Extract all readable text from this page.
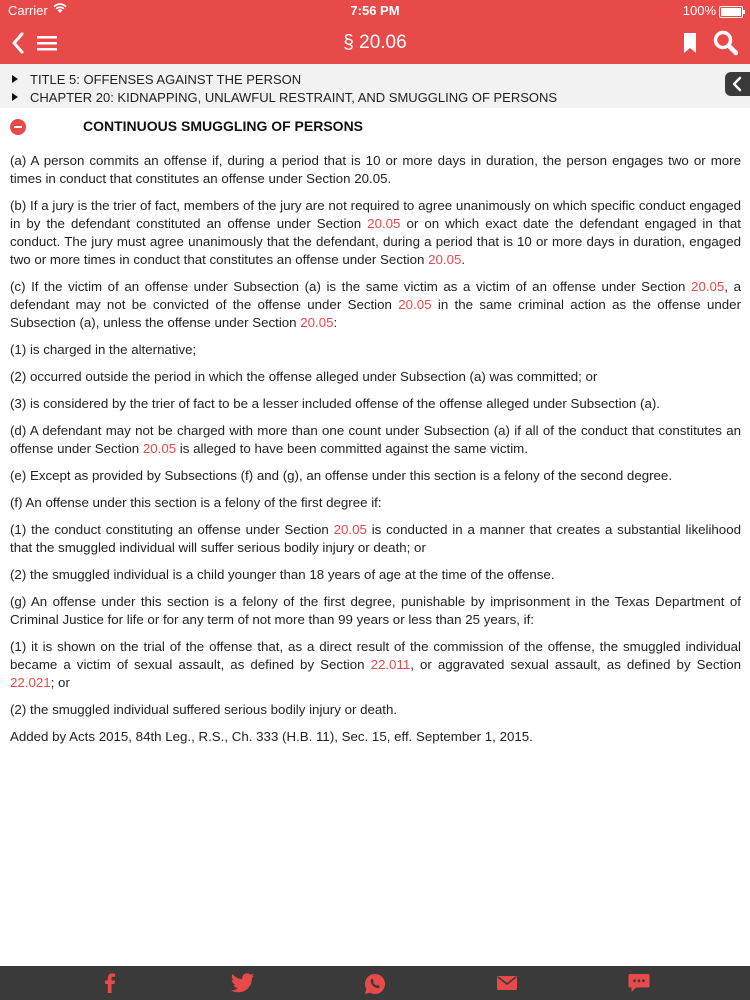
Carrier	7:56 PM	100%
§ 20.06
TITLE 5: OFFENSES AGAINST THE PERSON
CHAPTER 20: KIDNAPPING, UNLAWFUL RESTRAINT, AND SMUGGLING OF PERSONS
CONTINUOUS SMUGGLING OF PERSONS

(a) A person commits an offense if, during a period that is 10 or more days in duration, the person engages two or more times in conduct that constitutes an offense under Section 20.05.

(b) If a jury is the trier of fact, members of the jury are not required to agree unanimously on which specific conduct engaged in by the defendant constituted an offense under Section 20.05 or on which exact date the defendant engaged in that conduct. The jury must agree unanimously that the defendant, during a period that is 10 or more days in duration, engaged two or more times in conduct that constitutes an offense under Section 20.05.

(c) If the victim of an offense under Subsection (a) is the same victim as a victim of an offense under Section 20.05, a defendant may not be convicted of the offense under Section 20.05 in the same criminal action as the offense under Subsection (a), unless the offense under Section 20.05:

(1) is charged in the alternative;

(2) occurred outside the period in which the offense alleged under Subsection (a) was committed; or

(3) is considered by the trier of fact to be a lesser included offense of the offense alleged under Subsection (a).

(d) A defendant may not be charged with more than one count under Subsection (a) if all of the conduct that constitutes an offense under Section 20.05 is alleged to have been committed against the same victim.

(e) Except as provided by Subsections (f) and (g), an offense under this section is a felony of the second degree.

(f) An offense under this section is a felony of the first degree if:

(1) the conduct constituting an offense under Section 20.05 is conducted in a manner that creates a substantial likelihood that the smuggled individual will suffer serious bodily injury or death; or

(2) the smuggled individual is a child younger than 18 years of age at the time of the offense.

(g) An offense under this section is a felony of the first degree, punishable by imprisonment in the Texas Department of Criminal Justice for life or for any term of not more than 99 years or less than 25 years, if:

(1) it is shown on the trial of the offense that, as a direct result of the commission of the offense, the smuggled individual became a victim of sexual assault, as defined by Section 22.011, or aggravated sexual assault, as defined by Section 22.021; or

(2) the smuggled individual suffered serious bodily injury or death.

Added by Acts 2015, 84th Leg., R.S., Ch. 333 (H.B. 11), Sec. 15, eff. September 1, 2015.
